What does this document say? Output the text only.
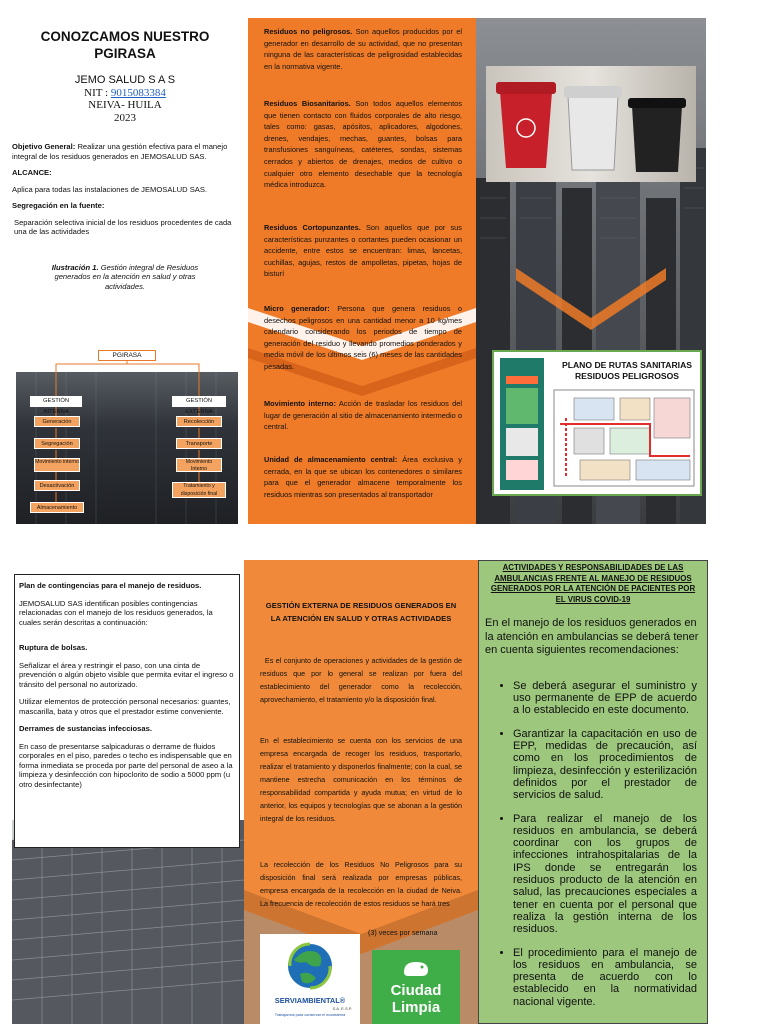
CONOZCAMOS NUESTRO
PGIRASA
JEMO SALUD S A S
NIT : 9015083384
NEIVA- HUILA
2023
Objetivo General: Realizar una gestión efectiva para el manejo integral de los residuos generados en JEMOSALUD SAS.
ALCANCE:
Aplica para todas las instalaciones de JEMOSALUD SAS.
Segregación en la fuente:
Separación selectiva inicial de los residuos procedentes de cada una de las actividades
Ilustración 1. Gestión integral de Residuos generados en la atención en salud y otras actividades.
PGIRASA
GESTIÓN INTERNA
GESTIÓN EXTERNA
Generación
Segregación
Movimiento interno
Desactivación
Almacenamiento
Recolección
Transporte
Movimiento Interno
Tratamiento y disposición final
Residuos no peligrosos. Son aquellos producidos por el generador en desarrollo de su actividad, que no presentan ninguna de las características de peligrosidad establecidas en la normativa vigente.
Residuos Biosanitarios. Son todos aquellos elementos que tienen contacto con fluidos corporales de alto riesgo, tales como: gasas, apósitos, aplicadores, algodones, drenes, vendajes, mechas, guantes, bolsas para transfusiones sanguíneas, catéteres, sondas, sistemas cerrados y abiertos de drenajes, medios de cultivo o cualquier otro elemento desechable que la tecnología médica introduzca.
Residuos Cortopunzantes. Son aquellos que por sus características punzantes o cortantes pueden ocasionar un accidente, entre estos se encuentran: limas, lancetas, cuchillas, agujas, restos de ampolletas, pipetas, hojas de bisturí
Micro generador: Persona que genera residuos o desechos peligrosos en una cantidad menor a 10 kg/mes calendario considerando los periodos de tiempo de generación del residuo y llevando promedios ponderados y media móvil de los últimos seis (6) meses de las cantidades pesadas.
Movimiento interno: Acción de trasladar los residuos del lugar de generación al sitio de almacenamiento intermedio o central.
Unidad de almacenamiento central: Área exclusiva y cerrada, en la que se ubican los contenedores o similares para que el generador almacene temporalmente los residuos mientras son presentados al transportador
PLANO DE RUTAS SANITARIAS
RESIDUOS PELIGROSOS
Plan de contingencias para el manejo de residuos.
JEMOSALUD SAS identifican posibles contingencias relacionadas con el manejo de los residuos generados, la cuales serán descritas a continuación:
Ruptura de bolsas.
Señalizar el área y restringir el paso, con una cinta de prevención o algún objeto visible que permita evitar el ingreso o tránsito del personal no autorizado.
Utilizar elementos de protección personal necesarios: guantes, mascarilla, bata y otros que el prestador estime conveniente.
Derrames de sustancias infecciosas.
En caso de presentarse salpicaduras o derrame de fluidos corporales en el piso, paredes o techo es indispensable que en forma inmediata se proceda por parte del personal de aseo a la limpieza y desinfección con hipoclorito de sodio a 5000 ppm (u otro desinfectante)
GESTIÓN EXTERNA DE RESIDUOS GENERADOS EN LA ATENCIÓN EN SALUD Y OTRAS ACTIVIDADES
Es el conjunto de operaciones y actividades de la gestión de residuos que por lo general se realizan por fuera del establecimiento del generador como la recolección, aprovechamiento, el tratamiento y/o la disposición final.
En el establecimiento se cuenta con los servicios de una empresa encargada de recoger los residuos, trasportarlo, realizar el tratamiento y disponerlos finalmente; con la cual, se mantiene estrecha comunicación en los términos de responsabilidad compartida y ayuda mutua; en virtud de lo anterior, los equipos y tecnologías que se abonan a la gestión integral de los residuos.
La recolección de los Residuos No Peligrosos para su disposición final será realizada por empresas públicas, empresa encargada de la recolección en la ciudad de Neiva. La frecuencia de recolección de estos residuos se hará tres
(3) veces por semana
SERVIAMBIENTAL®
S.A. E.S.P.
Trabajamos para conservar el ecosistema
Ciudad
Limpia
ACTIVIDADES Y RESPONSABILIDADES DE LAS AMBULANCIAS FRENTE AL MANEJO DE RESIDUOS GENERADOS POR LA ATENCIÓN DE PACIENTES POR EL VIRUS COVID-19
En el manejo de los residuos generados en la atención en ambulancias se deberá tener en cuenta siguientes recomendaciones:
• Se deberá asegurar el suministro y uso permanente de EPP de acuerdo a lo establecido en este documento.
• Garantizar la capacitación en uso de EPP, medidas de precaución, así como en los procedimientos de limpieza, desinfección y esterilización definidos por el prestador de servicios de salud.
• Para realizar el manejo de los residuos en ambulancia, se deberá coordinar con los grupos de infecciones intrahospitalarias de la IPS donde se entregarán los residuos producto de la atención en salud, las precauciones especiales a tener en cuenta por el personal que realiza la gestión interna de los residuos.
• El procedimiento para el manejo de los residuos en ambulancia, se presenta de acuerdo con lo establecido en la normatividad nacional vigente.
